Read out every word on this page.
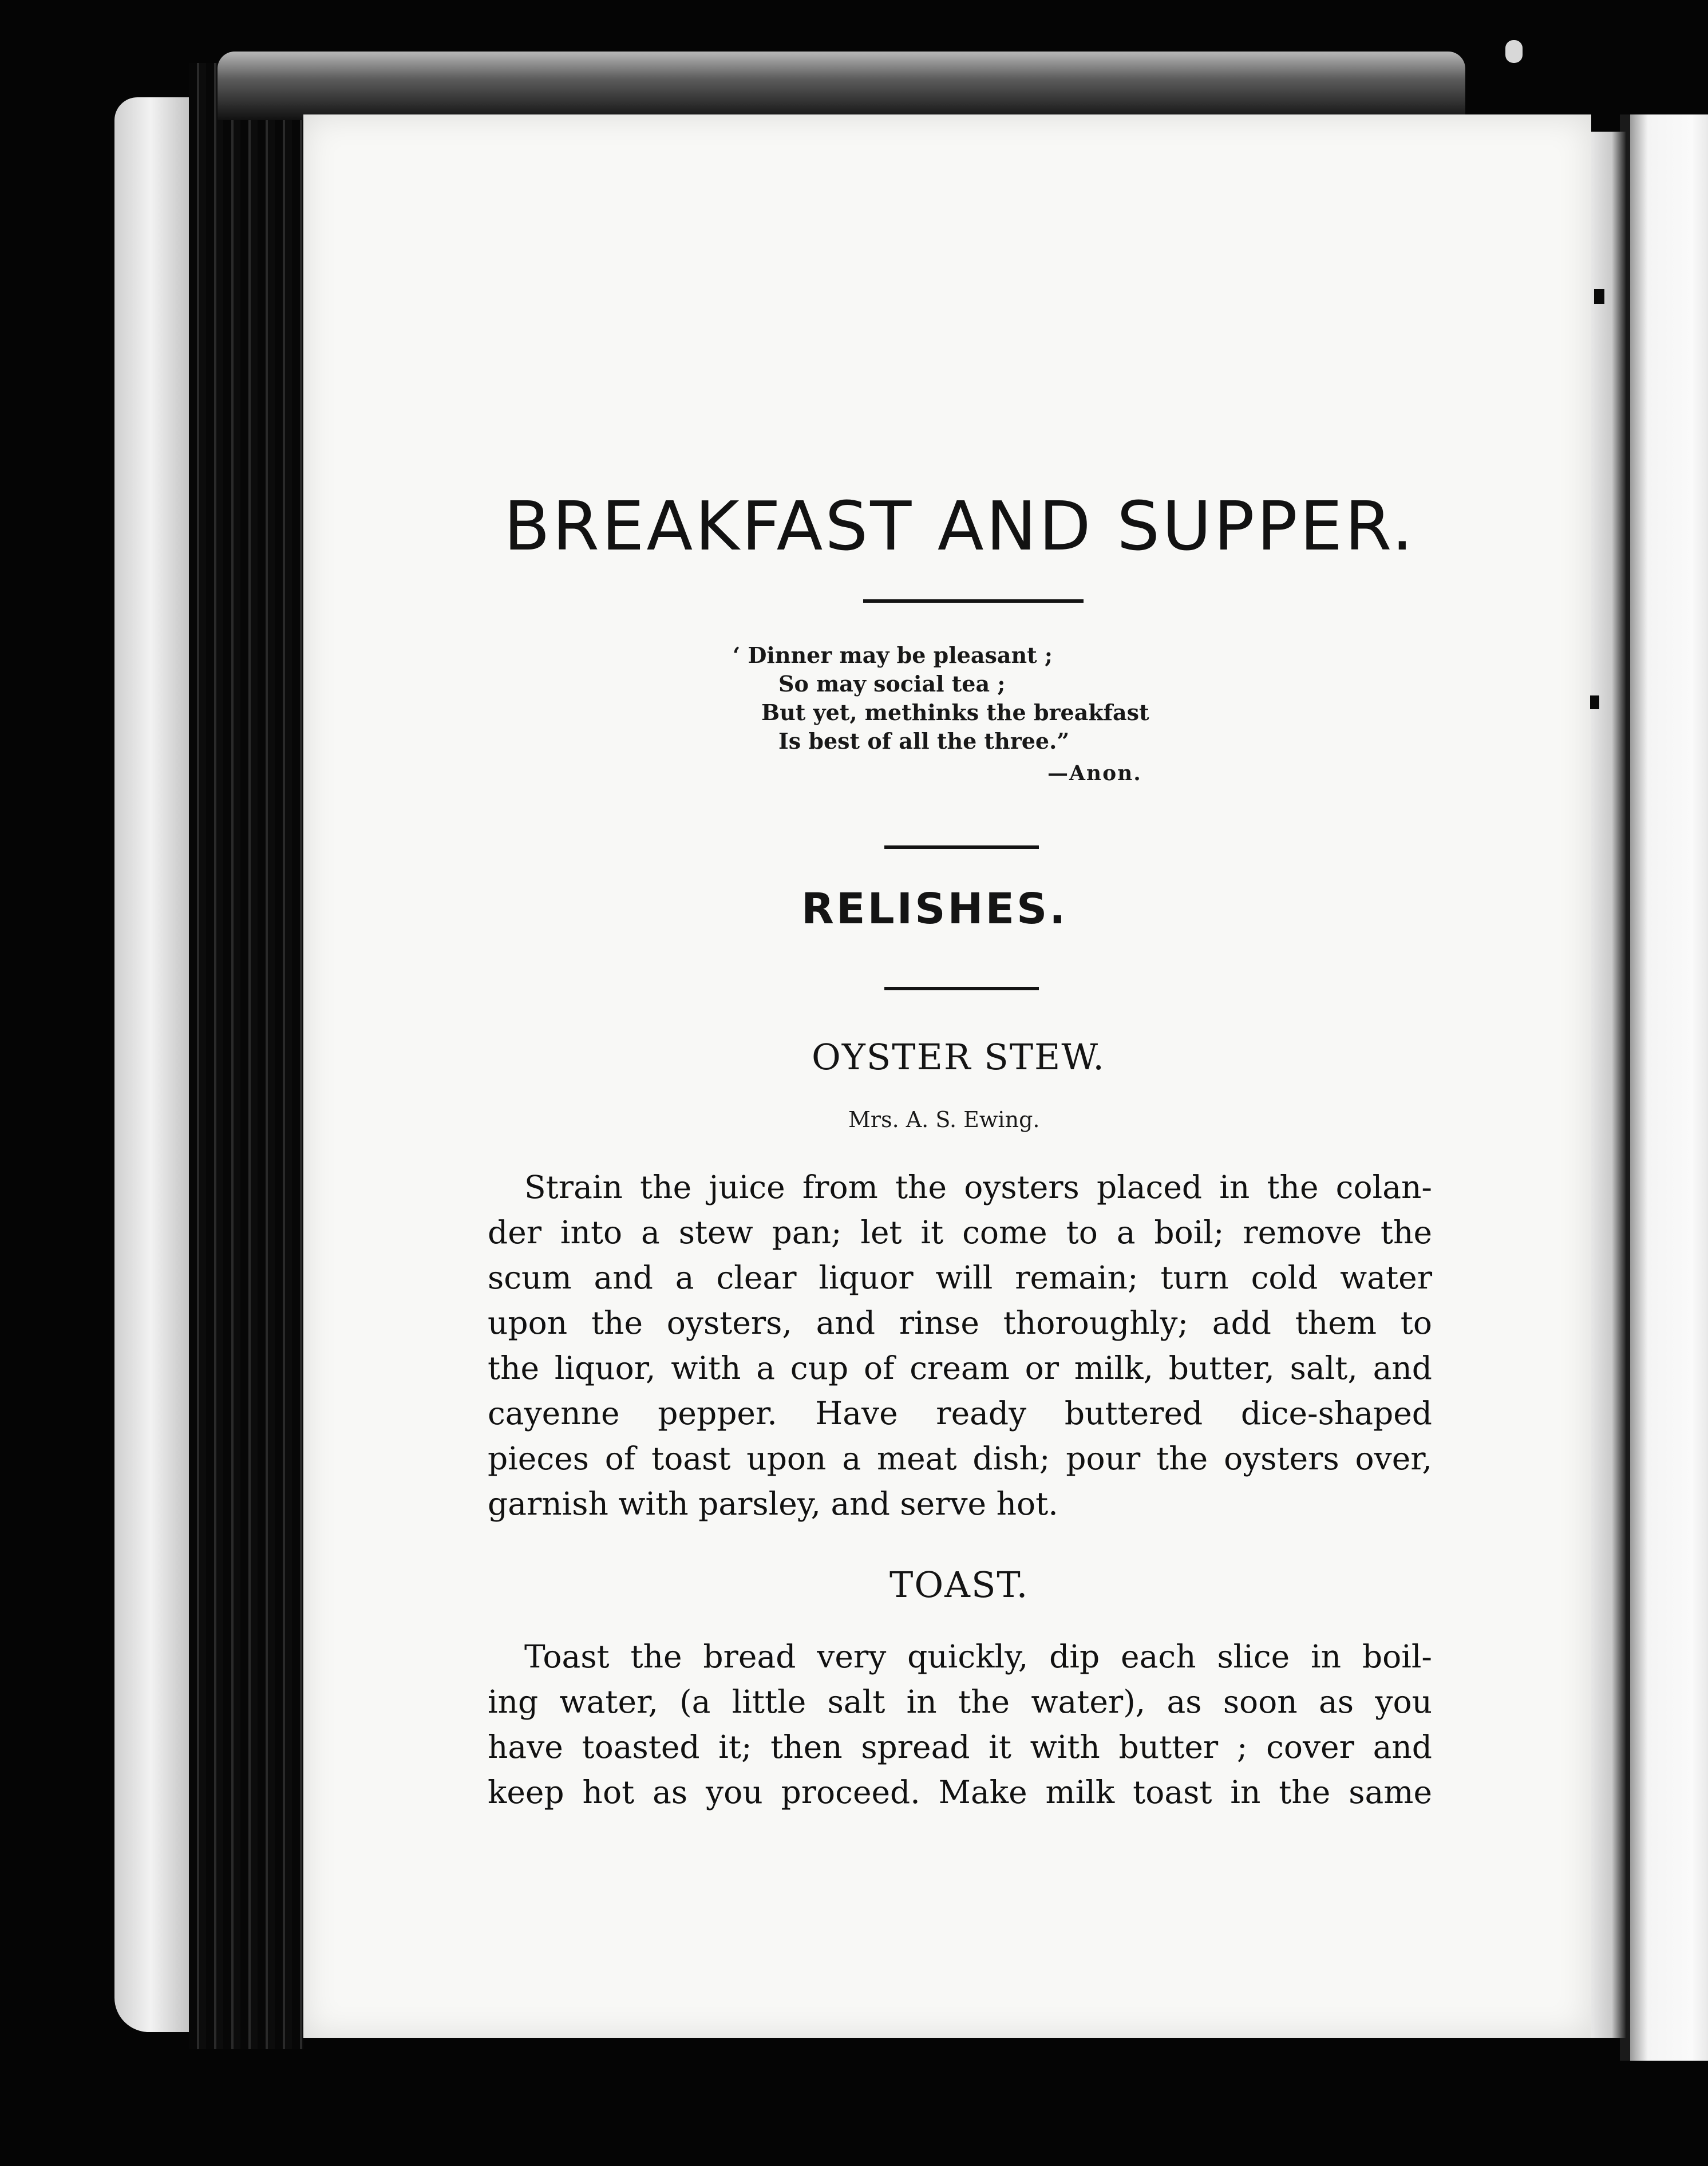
BREAKFAST AND SUPPER.
‘ Dinner may be pleasant ;
So may social tea ;
But yet, methinks the breakfast
Is best of all the three.”
—Anon.
RELISHES.
OYSTER STEW.
Mrs. A. S. Ewing.
Strain the juice from the oysters placed in the colan-
der into a stew pan; let it come to a boil; remove the
scum and a clear liquor will remain; turn cold water
upon the oysters, and rinse thoroughly; add them to
the liquor, with a cup of cream or milk, butter, salt, and
cayenne pepper. Have ready buttered dice-shaped
pieces of toast upon a meat dish; pour the oysters over,
garnish with parsley, and serve hot.
TOAST.
Toast the bread very quickly, dip each slice in boil-
ing water, (a little salt in the water), as soon as you
have toasted it; then spread it with butter ; cover and
keep hot as you proceed. Make milk toast in the same
